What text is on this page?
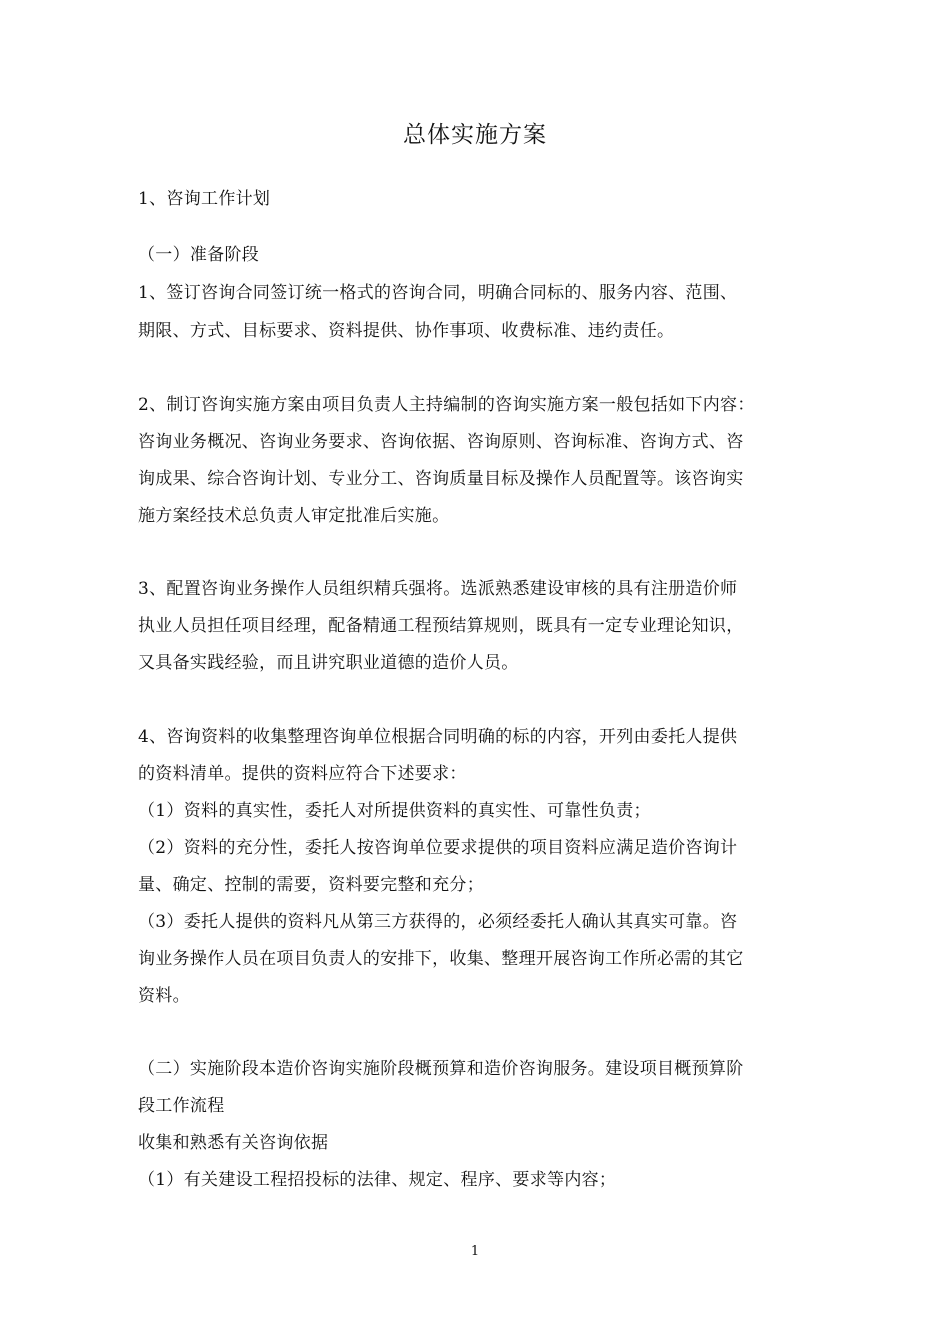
总体实施方案
1、咨询工作计划
（一）准备阶段
1、签订咨询合同签订统一格式的咨询合同，明确合同标的、服务内容、范围、
期限、方式、目标要求、资料提供、协作事项、收费标准、违约责任。
2、制订咨询实施方案由项目负责人主持编制的咨询实施方案一般包括如下内容：
咨询业务概况、咨询业务要求、咨询依据、咨询原则、咨询标准、咨询方式、咨
询成果、综合咨询计划、专业分工、咨询质量目标及操作人员配置等。该咨询实
施方案经技术总负责人审定批准后实施。
3、配置咨询业务操作人员组织精兵强将。选派熟悉建设审核的具有注册造价师
执业人员担任项目经理，配备精通工程预结算规则，既具有一定专业理论知识，
又具备实践经验，而且讲究职业道德的造价人员。
4、咨询资料的收集整理咨询单位根据合同明确的标的内容，开列由委托人提供
的资料清单。提供的资料应符合下述要求：
（1）资料的真实性，委托人对所提供资料的真实性、可靠性负责；
（2）资料的充分性，委托人按咨询单位要求提供的项目资料应满足造价咨询计
量、确定、控制的需要，资料要完整和充分；
（3）委托人提供的资料凡从第三方获得的，必须经委托人确认其真实可靠。咨
询业务操作人员在项目负责人的安排下，收集、整理开展咨询工作所必需的其它
资料。
（二）实施阶段本造价咨询实施阶段概预算和造价咨询服务。建设项目概预算阶
段工作流程
收集和熟悉有关咨询依据
（1）有关建设工程招投标的法律、规定、程序、要求等内容；
1
